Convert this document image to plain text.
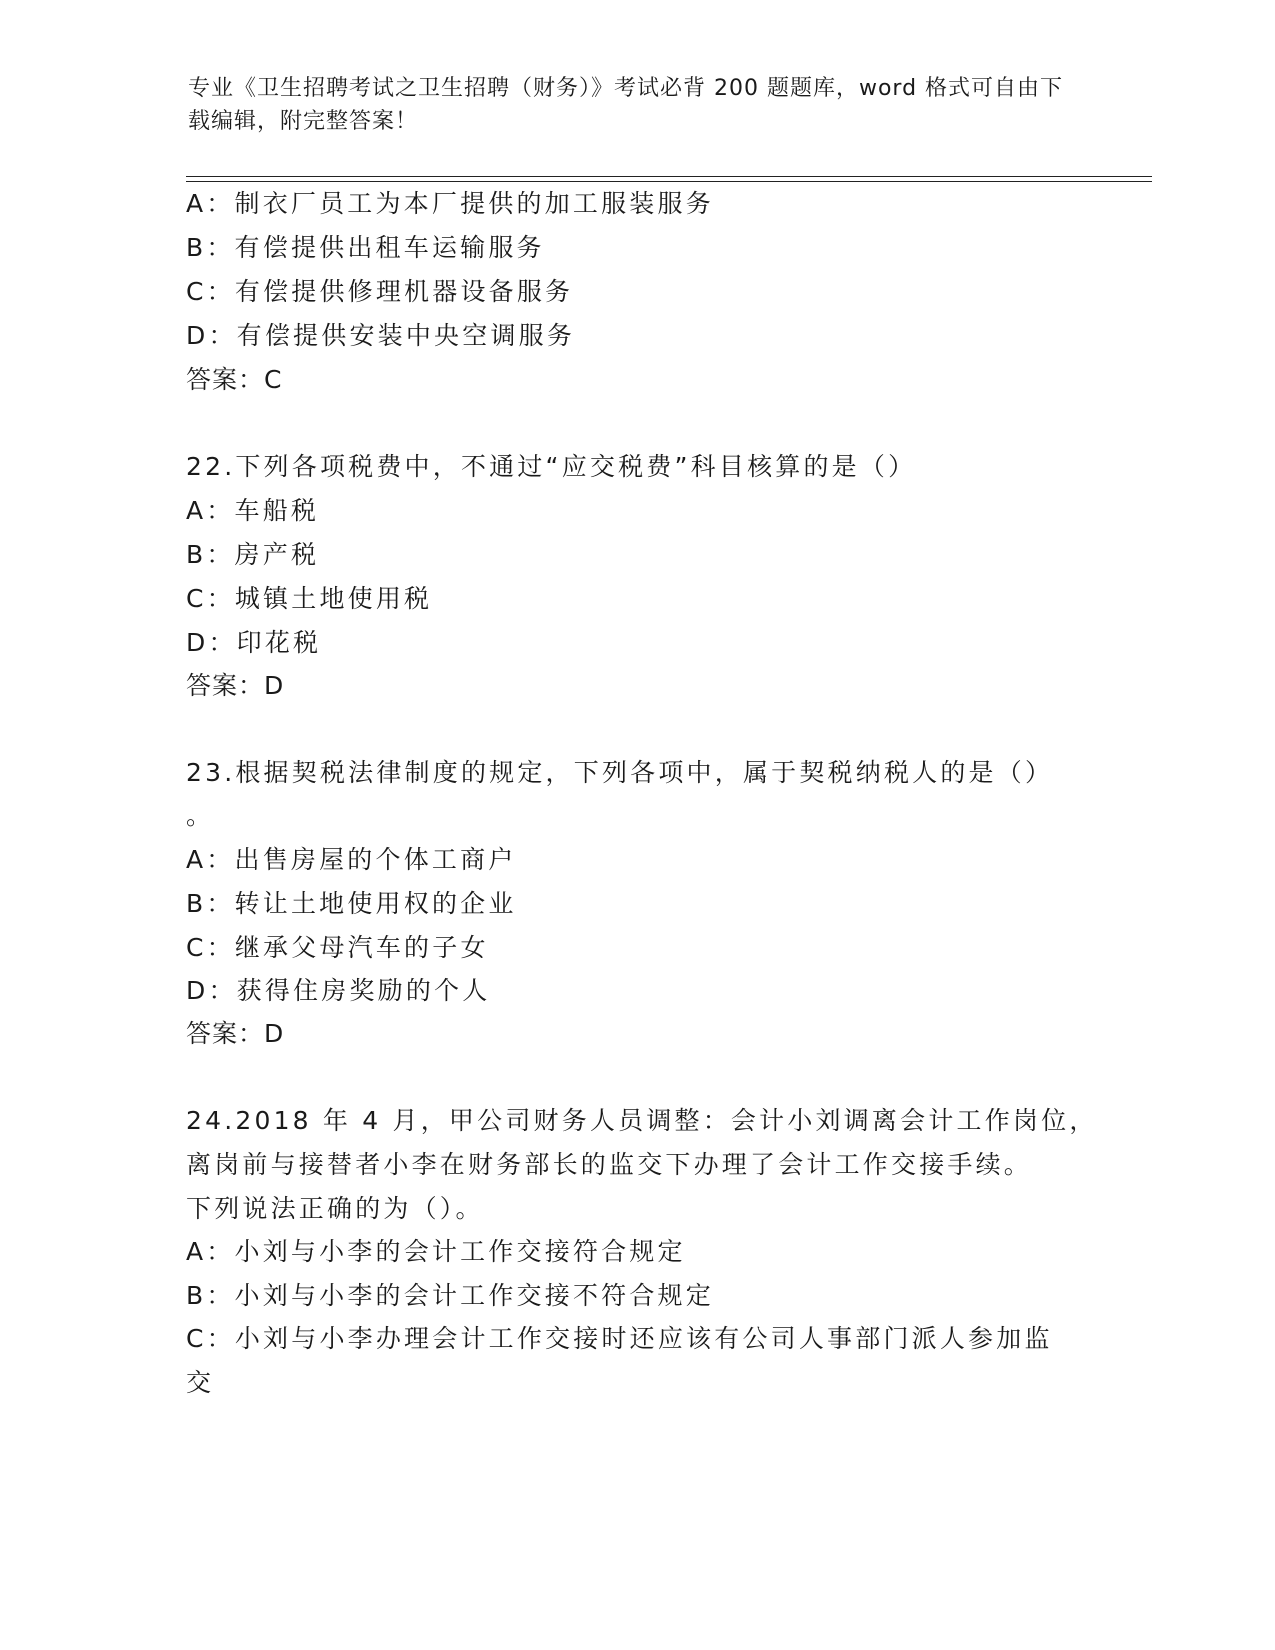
专业《卫生招聘考试之卫生招聘（财务）》考试必背 200 题题库，word 格式可自由下载编辑，附完整答案！
A：制衣厂员工为本厂提供的加工服装服务
B：有偿提供出租车运输服务
C：有偿提供修理机器设备服务
D：有偿提供安装中央空调服务
答案：C
22.下列各项税费中，不通过“应交税费”科目核算的是（）
A：车船税
B：房产税
C：城镇土地使用税
D：印花税
答案：D
23.根据契税法律制度的规定，下列各项中，属于契税纳税人的是（）
。
A：出售房屋的个体工商户
B：转让土地使用权的企业
C：继承父母汽车的子女
D：获得住房奖励的个人
答案：D
24.2018 年 4 月，甲公司财务人员调整：会计小刘调离会计工作岗位，
离岗前与接替者小李在财务部长的监交下办理了会计工作交接手续。
下列说法正确的为（）。
A：小刘与小李的会计工作交接符合规定
B：小刘与小李的会计工作交接不符合规定
C：小刘与小李办理会计工作交接时还应该有公司人事部门派人参加监
交
